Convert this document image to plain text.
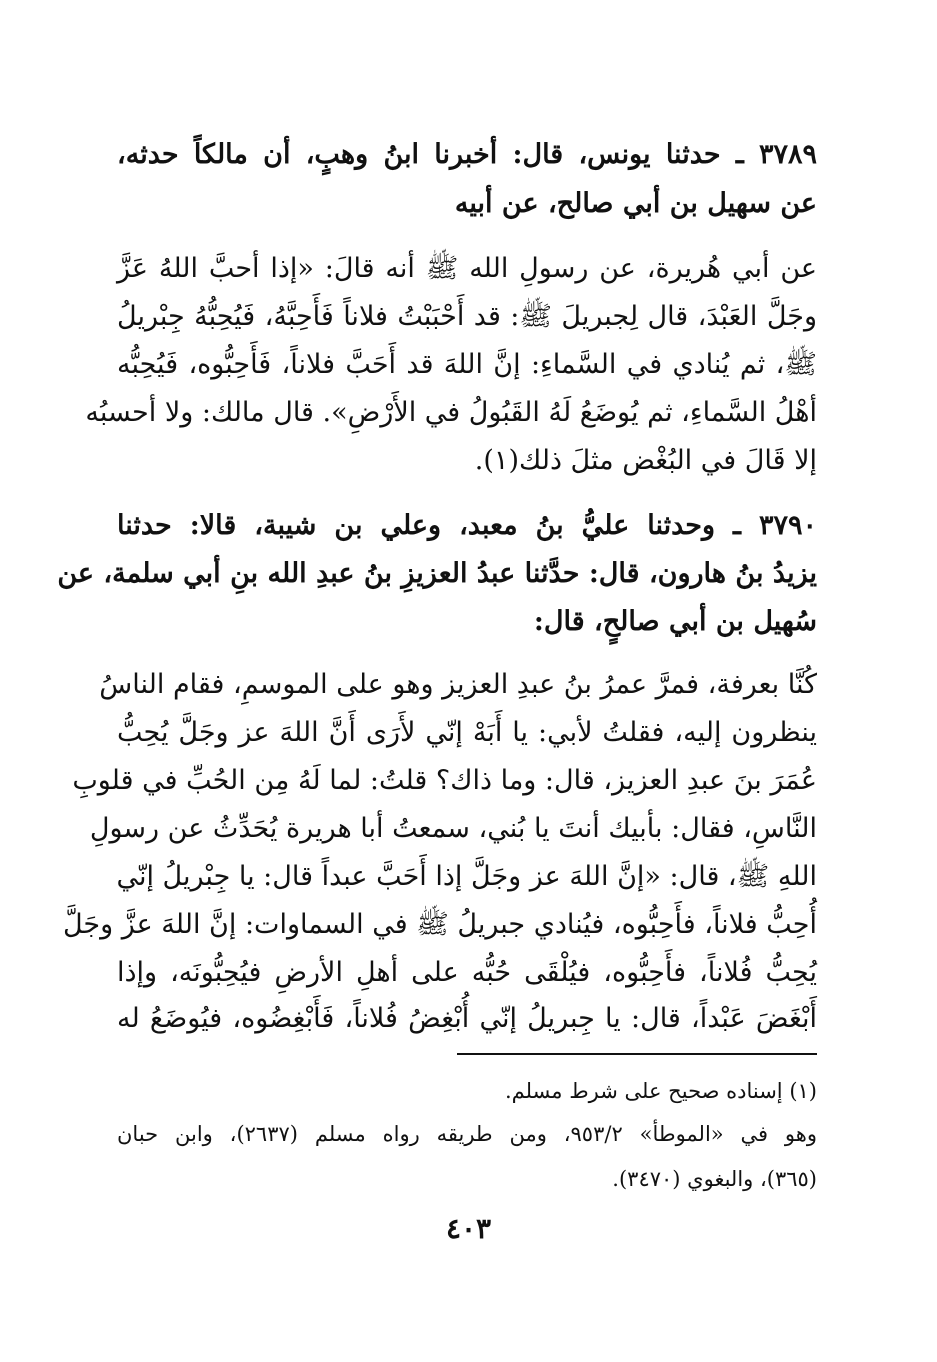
٣٧٨٩ ـ حدثنا يونس، قال: أخبرنا ابنُ وهبٍ، أن مالكاً حدثه،
عن سهيل بن أبي صالح، عن أبيه
عن أبي هُريرة، عن رسولِ الله ﷺ أنه قالَ: «إذا أحبَّ اللهُ عَزَّ
وجَلَّ العَبْدَ، قال لِجبريلَ ﷺ: قد أَحْبَبْتُ فلاناً فَأَحِبَّهُ، فَيُحِبُّهُ جِبْريلُ
ﷺ، ثم يُنادي في السَّماءِ: إنَّ اللهَ قد أَحَبَّ فلاناً، فَأَحِبُّوه، فَيُحِبُّه
أهْلُ السَّماءِ، ثم يُوضَعُ لَهُ القَبُولُ في الأَرْضِ». قال مالك: ولا أحسبُه
إلا قَالَ في البُغْض مثلَ ذلك(١).
٣٧٩٠ ـ وحدثنا عليُّ بنُ معبد، وعلي بن شيبة، قالا: حدثنا
يزيدُ بنُ هارون، قال: حدَّثنا عبدُ العزيزِ بنُ عبدِ الله بنِ أبي سلمة، عن
سُهيل بن أبي صالحٍ، قال:
كُنَّا بعرفة، فمرَّ عمرُ بنُ عبدِ العزيز وهو على الموسمِ، فقام الناسُ
ينظرون إليه، فقلتُ لأبي: يا أَبَهْ إنّي لأَرَى أَنَّ اللهَ عز وجَلَّ يُحِبُّ
عُمَرَ بنَ عبدِ العزيز، قال: وما ذاك؟ قلتُ: لما لَهُ مِن الحُبِّ في قلوبِ
النَّاسِ، فقال: بأبيك أنتَ يا بُني، سمعتُ أبا هريرة يُحَدِّثُ عن رسولِ
اللهِ ﷺ، قال: «إنَّ اللهَ عز وجَلَّ إذا أَحَبَّ عبداً قال: يا جِبْريلُ إنّي
أُحِبُّ فلاناً، فأَحِبُّوه، فيُنادي جبريلُ ﷺ في السماوات: إنَّ اللهَ عزَّ وجَلَّ
يُحِبُّ فُلاناً، فأَحِبُّوه، فيُلْقَى حُبُّه على أهلِ الأرضِ فيُحِبُّونَه، وإذا
أَبْغَضَ عَبْداً، قال: يا جِبريلُ إنّي أُبْغِضُ فُلاناً، فَأَبْغِضُوه، فيُوضَعُ له
(١) إسناده صحيح على شرط مسلم.
وهو في «الموطأ» ٩٥٣/٢، ومن طريقه رواه مسلم (٢٦٣٧)، وابن حبان
(٣٦٥)، والبغوي (٣٤٧٠).
٤٠٣
